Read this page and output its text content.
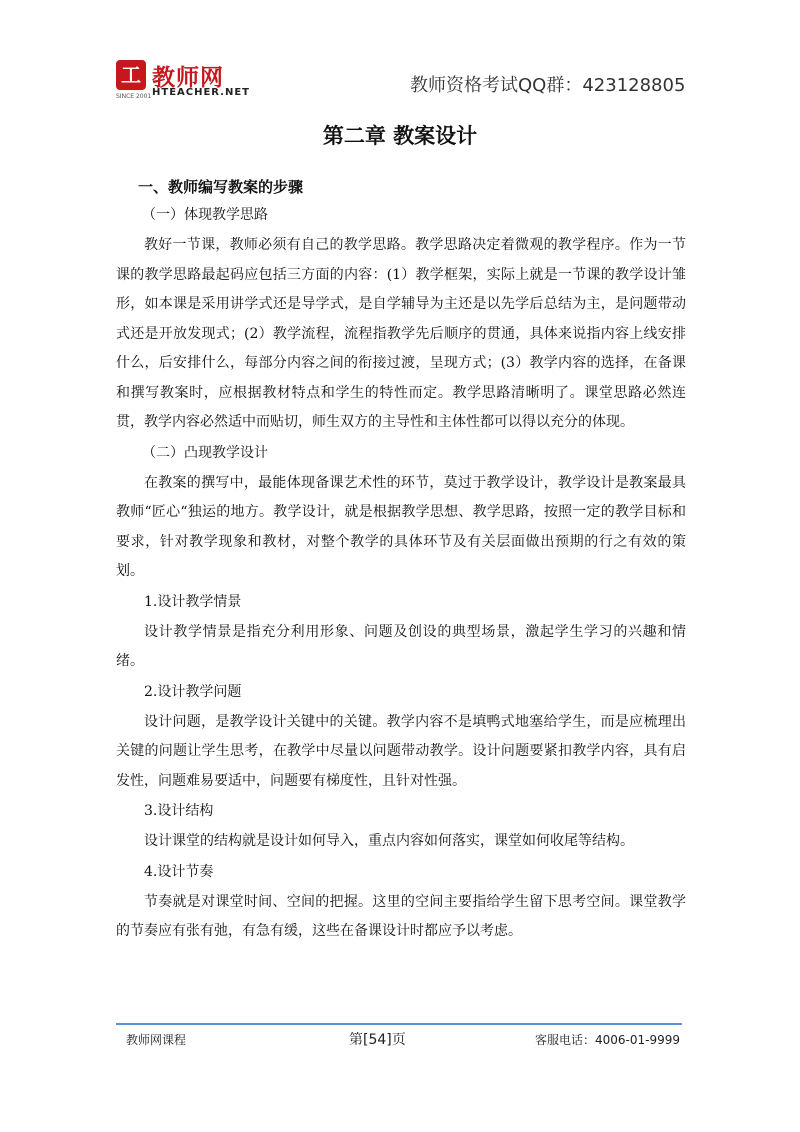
工 教师网
SINCE 2001 HTEACHER.NET	教师资格考试QQ群：423128805
第二章 教案设计
一、教师编写教案的步骤
（一）体现教学思路

教好一节课，教师必须有自己的教学思路。教学思路决定着微观的教学程序。作为一节课的教学思路最起码应包括三方面的内容：(1）教学框架，实际上就是一节课的教学设计雏形，如本课是采用讲学式还是导学式，是自学辅导为主还是以先学后总结为主，是问题带动式还是开放发现式；(2）教学流程，流程指教学先后顺序的贯通，具体来说指内容上线安排什么，后安排什么，每部分内容之间的衔接过渡，呈现方式；(3）教学内容的选择，在备课和撰写教案时，应根据教材特点和学生的特性而定。教学思路清晰明了。课堂思路必然连贯，教学内容必然适中而贴切，师生双方的主导性和主体性都可以得以充分的体现。

（二）凸现教学设计

在教案的撰写中，最能体现备课艺术性的环节，莫过于教学设计，教学设计是教案最具教师“匠心“独运的地方。教学设计，就是根据教学思想、教学思路，按照一定的教学目标和要求，针对教学现象和教材，对整个教学的具体环节及有关层面做出预期的行之有效的策划。

1.设计教学情景

设计教学情景是指充分利用形象、问题及创设的典型场景，激起学生学习的兴趣和情绪。

2.设计教学问题

设计问题，是教学设计关键中的关键。教学内容不是填鸭式地塞给学生，而是应梳理出关键的问题让学生思考，在教学中尽量以问题带动教学。设计问题要紧扣教学内容，具有启发性，问题难易要适中，问题要有梯度性，且针对性强。

3.设计结构

设计课堂的结构就是设计如何导入，重点内容如何落实，课堂如何收尾等结构。

4.设计节奏

节奏就是对课堂时间、空间的把握。这里的空间主要指给学生留下思考空间。课堂教学的节奏应有张有弛，有急有缓，这些在备课设计时都应予以考虑。

教师网课程	第[54]页	客服电话：4006-01-9999
